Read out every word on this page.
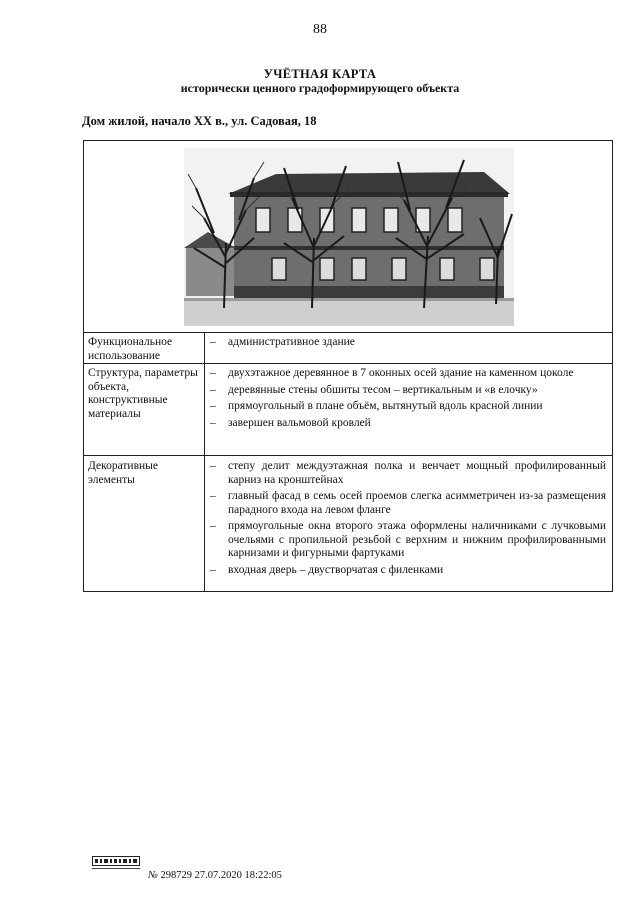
88
УЧЁТНАЯ КАРТА
исторически ценного градоформирующего объекта
Дом жилой, начало XX в., ул. Садовая, 18
Функциональное использование
– административное здание
Структура, параметры объекта, конструктивные материалы
– двухэтажное деревянное в 7 оконных осей здание на каменном цоколе
– деревянные стены обшиты тесом – вертикальным и «в елочку»
– прямоугольный в плане объём, вытянутый вдоль красной линии
– завершен вальмовой кровлей
Декоративные элементы
– степу делит междуэтажная полка и венчает мощный профилированный карниз на кронштейнах
– главный фасад в семь осей проемов слегка асимметричен из-за размещения парадного входа на левом фланге
– прямоугольные окна второго этажа оформлены наличниками с лучковыми очельями с пропильной резьбой с верхним и нижним профилированными карнизами и фигурными фартуками
– входная дверь – двустворчатая с филенками
№ 298729 27.07.2020 18:22:05
